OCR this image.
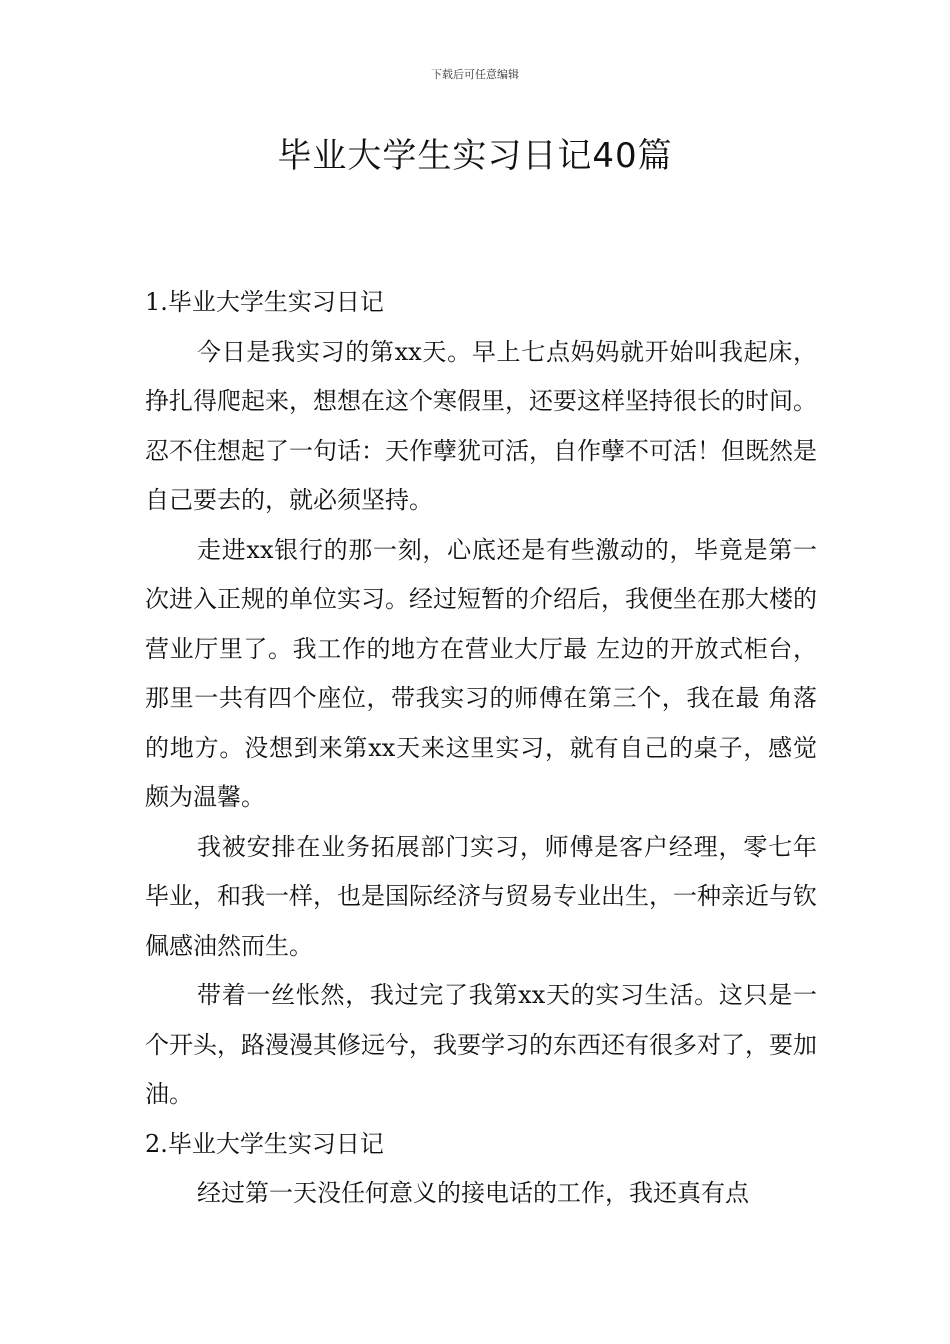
下载后可任意编辑
毕业大学生实习日记40篇

1.毕业大学生实习日记

今日是我实习的第xx天。早上七点妈妈就开始叫我起床，挣扎得爬起来，想想在这个寒假里，还要这样坚持很长的时间。忍不住想起了一句话：天作孽犹可活，自作孽不可活！但既然是自己要去的，就必须坚持。

走进xx银行的那一刻，心底还是有些激动的，毕竟是第一次进入正规的单位实习。经过短暂的介绍后，我便坐在那大楼的营业厅里了。我工作的地方在营业大厅最 左边的开放式柜台，那里一共有四个座位，带我实习的师傅在第三个，我在最 角落的地方。没想到来第xx天来这里实习，就有自己的桌子，感觉颇为温馨。

我被安排在业务拓展部门实习，师傅是客户经理，零七年毕业，和我一样，也是国际经济与贸易专业出生，一种亲近与钦佩感油然而生。

带着一丝怅然，我过完了我第xx天的实习生活。这只是一个开头，路漫漫其修远兮，我要学习的东西还有很多对了，要加油。

2.毕业大学生实习日记

经过第一天没任何意义的接电话的工作，我还真有点
